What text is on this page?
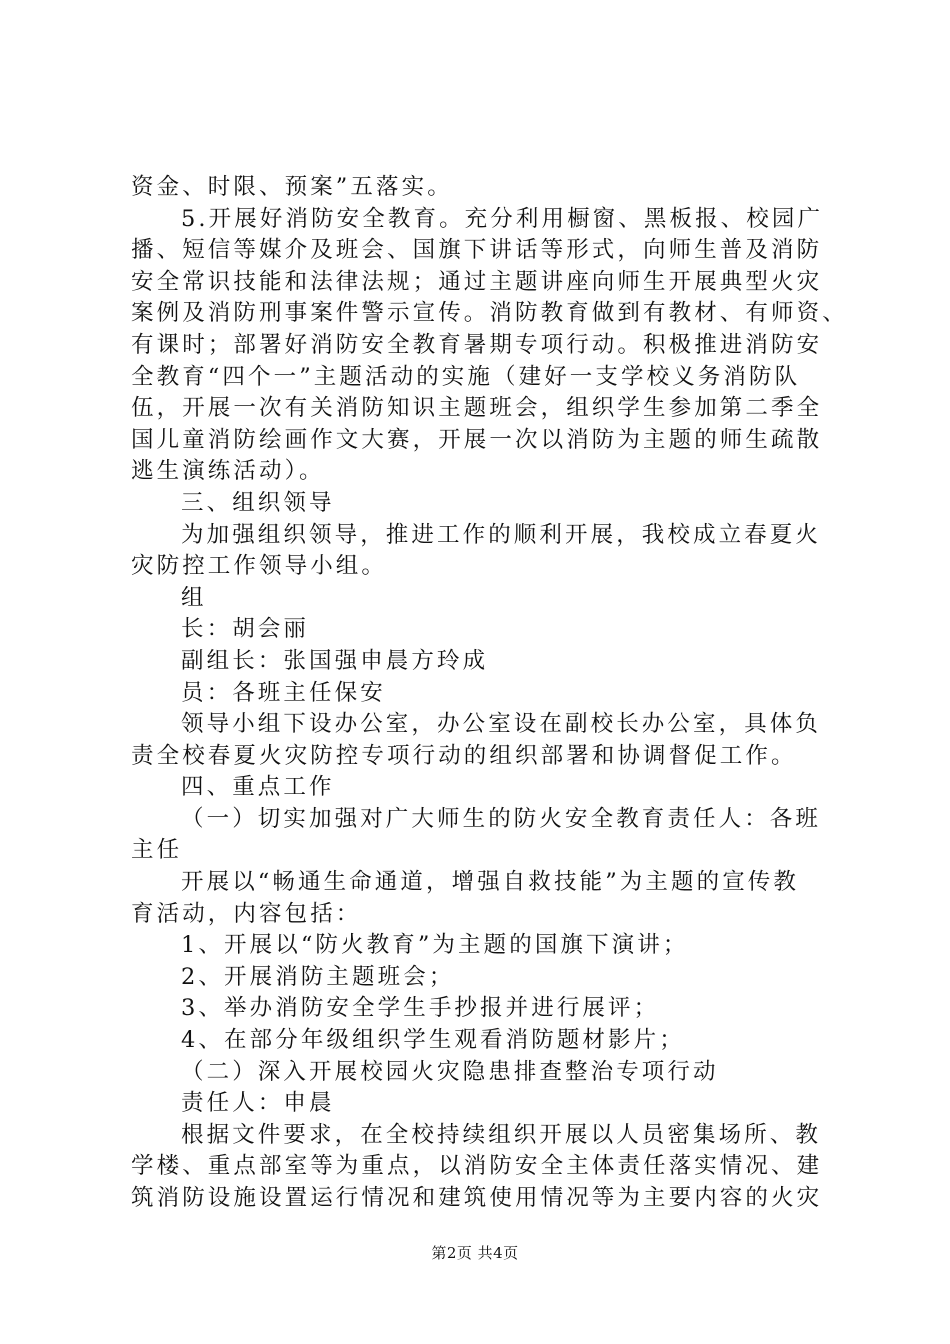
资金、时限、预案”五落实。
5.开展好消防安全教育。充分利用橱窗、黑板报、校园广
播、短信等媒介及班会、国旗下讲话等形式，向师生普及消防
安全常识技能和法律法规；通过主题讲座向师生开展典型火灾
案例及消防刑事案件警示宣传。消防教育做到有教材、有师资、
有课时；部署好消防安全教育暑期专项行动。积极推进消防安
全教育“四个一”主题活动的实施（建好一支学校义务消防队
伍，开展一次有关消防知识主题班会，组织学生参加第二季全
国儿童消防绘画作文大赛，开展一次以消防为主题的师生疏散
逃生演练活动）。
三、组织领导
为加强组织领导，推进工作的顺利开展，我校成立春夏火
灾防控工作领导小组。
组
长：胡会丽
副组长：张国强申晨方玲成
员：各班主任保安
领导小组下设办公室，办公室设在副校长办公室，具体负
责全校春夏火灾防控专项行动的组织部署和协调督促工作。
四、重点工作
（一）切实加强对广大师生的防火安全教育责任人：各班
主任
开展以“畅通生命通道，增强自救技能”为主题的宣传教
育活动，内容包括：
1、开展以“防火教育”为主题的国旗下演讲；
2、开展消防主题班会；
3、举办消防安全学生手抄报并进行展评；
4、在部分年级组织学生观看消防题材影片；
（二）深入开展校园火灾隐患排查整治专项行动
责任人：申晨
根据文件要求，在全校持续组织开展以人员密集场所、教
学楼、重点部室等为重点，以消防安全主体责任落实情况、建
筑消防设施设置运行情况和建筑使用情况等为主要内容的火灾
第2页 共4页
